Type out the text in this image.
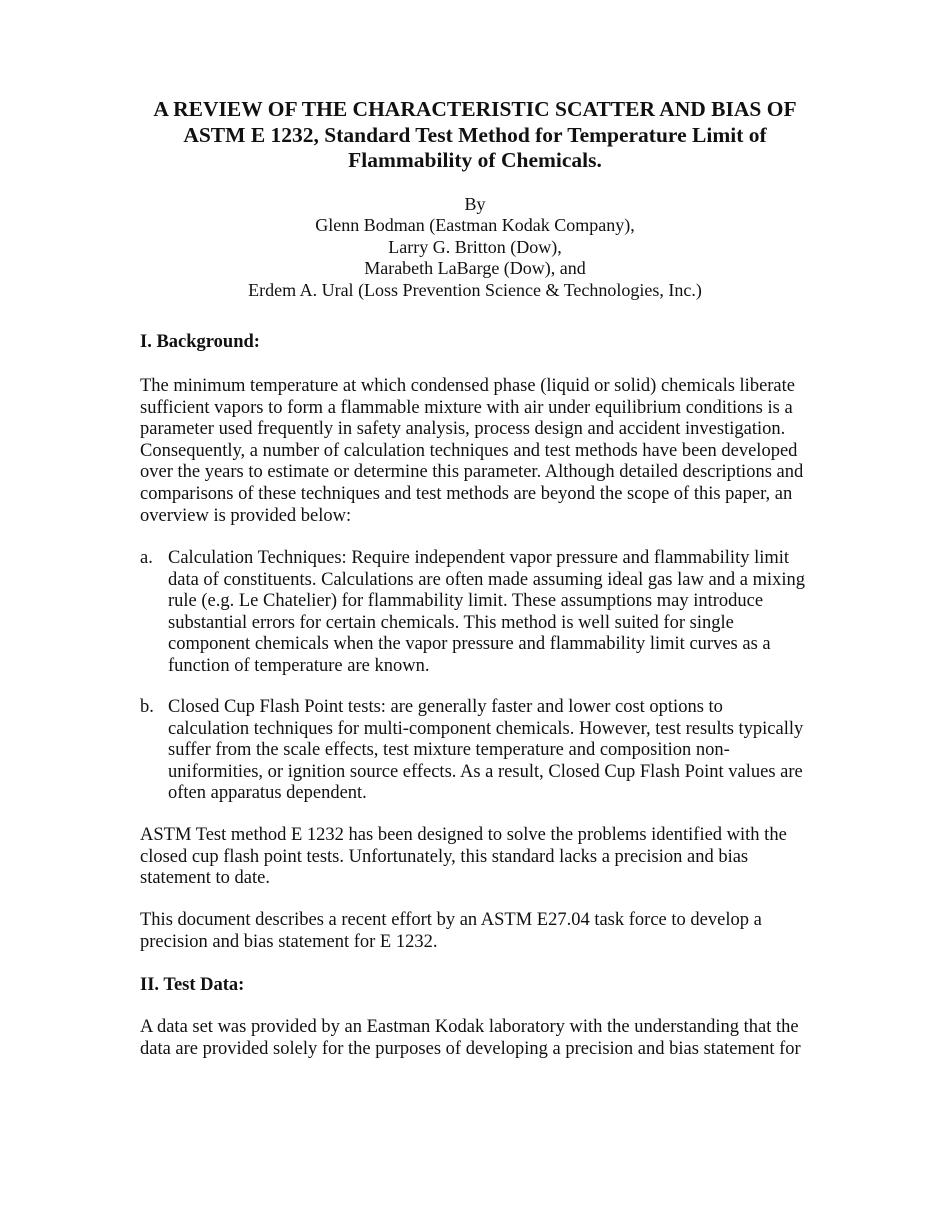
A REVIEW OF THE CHARACTERISTIC SCATTER AND BIAS OF
ASTM E 1232, Standard Test Method for Temperature Limit of
Flammability of Chemicals.
By
Glenn Bodman (Eastman Kodak Company),
Larry G. Britton (Dow),
Marabeth LaBarge (Dow), and
Erdem A. Ural (Loss Prevention Science & Technologies, Inc.)
I. Background:
The minimum temperature at which condensed phase (liquid or solid) chemicals liberate
sufficient vapors to form a flammable mixture with air under equilibrium conditions is a
parameter used frequently in safety analysis, process design and accident investigation.
Consequently, a number of calculation techniques and test methods have been developed
over the years to estimate or determine this parameter. Although detailed descriptions and
comparisons of these techniques and test methods are beyond the scope of this paper, an
overview is provided below:
a. Calculation Techniques: Require independent vapor pressure and flammability limit
data of constituents. Calculations are often made assuming ideal gas law and a mixing
rule (e.g. Le Chatelier) for flammability limit. These assumptions may introduce
substantial errors for certain chemicals. This method is well suited for single
component chemicals when the vapor pressure and flammability limit curves as a
function of temperature are known.
b. Closed Cup Flash Point tests: are generally faster and lower cost options to
calculation techniques for multi-component chemicals. However, test results typically
suffer from the scale effects, test mixture temperature and composition non-
uniformities, or ignition source effects. As a result, Closed Cup Flash Point values are
often apparatus dependent.
ASTM Test method E 1232 has been designed to solve the problems identified with the
closed cup flash point tests. Unfortunately, this standard lacks a precision and bias
statement to date.
This document describes a recent effort by an ASTM E27.04 task force to develop a
precision and bias statement for E 1232.
II. Test Data:
A data set was provided by an Eastman Kodak laboratory with the understanding that the
data are provided solely for the purposes of developing a precision and bias statement for
